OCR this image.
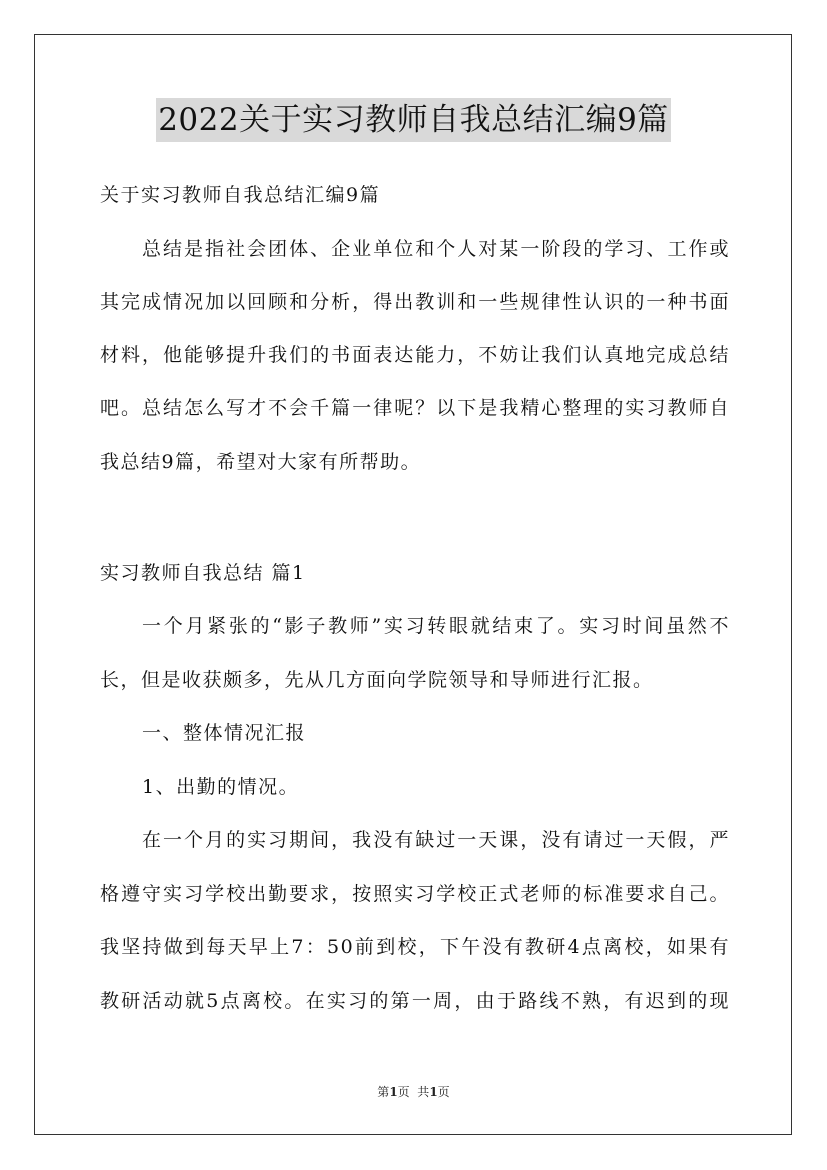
2022关于实习教师自我总结汇编9篇
关于实习教师自我总结汇编9篇
总结是指社会团体、企业单位和个人对某一阶段的学习、工作或
其完成情况加以回顾和分析，得出教训和一些规律性认识的一种书面
材料，他能够提升我们的书面表达能力，不妨让我们认真地完成总结
吧。总结怎么写才不会千篇一律呢？以下是我精心整理的实习教师自
我总结9篇，希望对大家有所帮助。
实习教师自我总结 篇1
一个月紧张的“影子教师”实习转眼就结束了。实习时间虽然不
长，但是收获颇多，先从几方面向学院领导和导师进行汇报。
一、整体情况汇报
1、出勤的情况。
在一个月的实习期间，我没有缺过一天课，没有请过一天假，严
格遵守实习学校出勤要求，按照实习学校正式老师的标准要求自己。
我坚持做到每天早上7：50前到校，下午没有教研4点离校，如果有
教研活动就5点离校。在实习的第一周，由于路线不熟，有迟到的现
第1页  共1页
